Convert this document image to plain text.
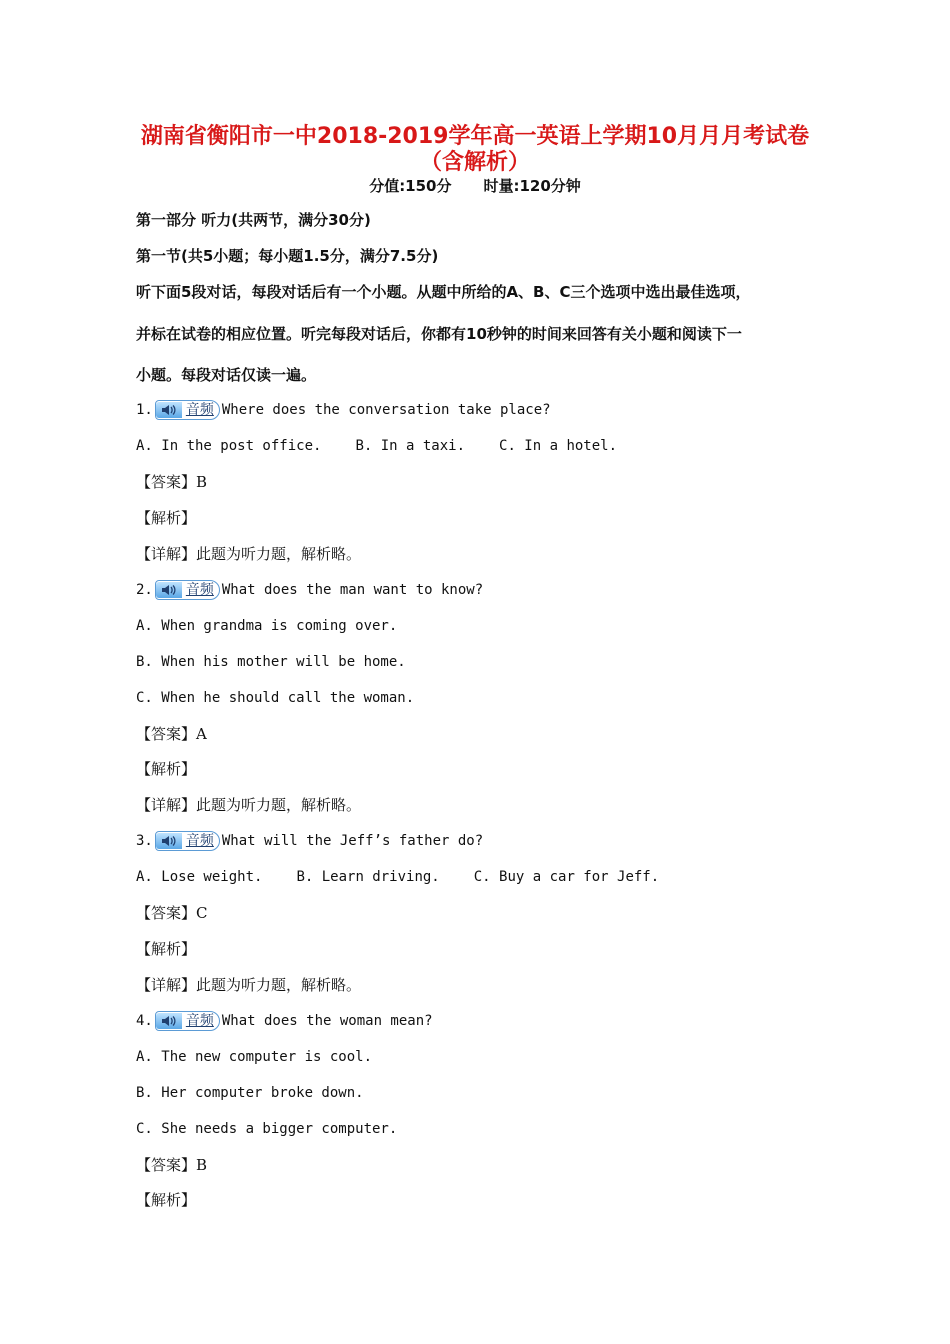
湖南省衡阳市一中2018-2019学年高一英语上学期10月月月考试卷
（含解析）
分值:150分 时量:120分钟
第一部分 听力(共两节，满分30分)
第一节(共5小题；每小题1.5分，满分7.5分)
听下面5段对话，每段对话后有一个小题。从题中所给的A、B、C三个选项中选出最佳选项，
并标在试卷的相应位置。听完每段对话后，你都有10秒钟的时间来回答有关小题和阅读下一
小题。每段对话仅读一遍。
1. 音频 Where does the conversation take place?
A. In the post office. B. In a taxi. C. In a hotel.
【答案】B
【解析】
【详解】此题为听力题，解析略。
2. 音频 What does the man want to know?
A. When grandma is coming over.
B. When his mother will be home.
C. When he should call the woman.
【答案】A
【解析】
【详解】此题为听力题，解析略。
3. 音频 What will the Jeff’s father do?
A. Lose weight. B. Learn driving. C. Buy a car for Jeff.
【答案】C
【解析】
【详解】此题为听力题，解析略。
4. 音频 What does the woman mean?
A. The new computer is cool.
B. Her computer broke down.
C. She needs a bigger computer.
【答案】B
【解析】
